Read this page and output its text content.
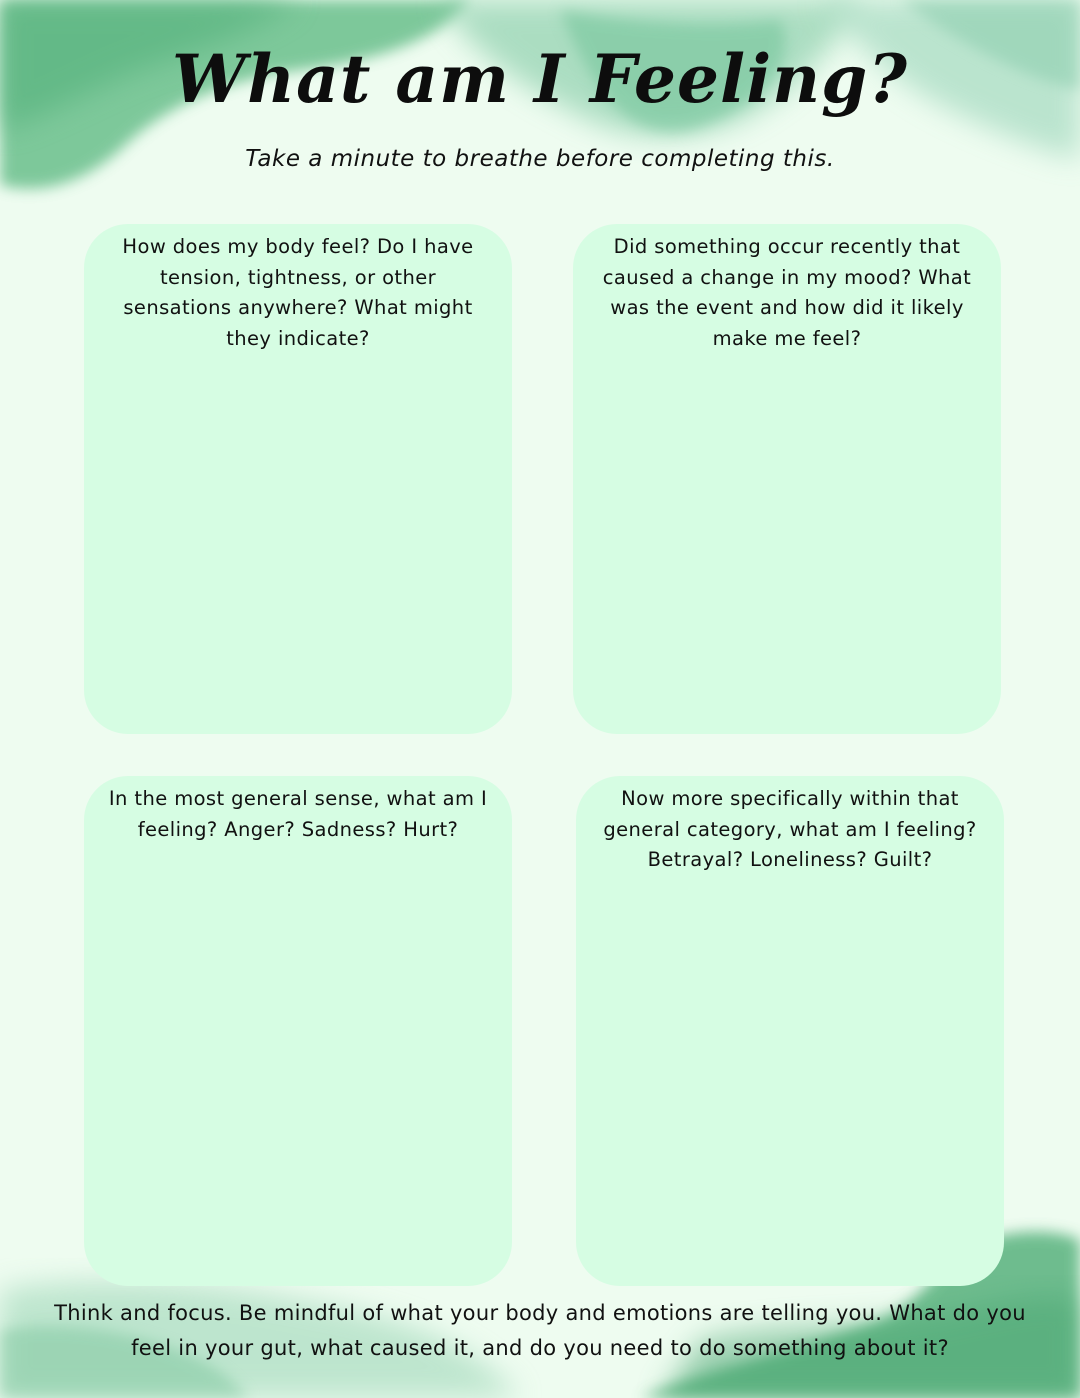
What am I Feeling?
Take a minute to breathe before completing this.

How does my body feel? Do I have tension, tightness, or other sensations anywhere? What might they indicate?

Did something occur recently that caused a change in my mood? What was the event and how did it likely make me feel?

In the most general sense, what am I feeling? Anger? Sadness? Hurt?

Now more specifically within that general category, what am I feeling? Betrayal? Loneliness? Guilt?

Think and focus. Be mindful of what your body and emotions are telling you. What do you feel in your gut, what caused it, and do you need to do something about it?
